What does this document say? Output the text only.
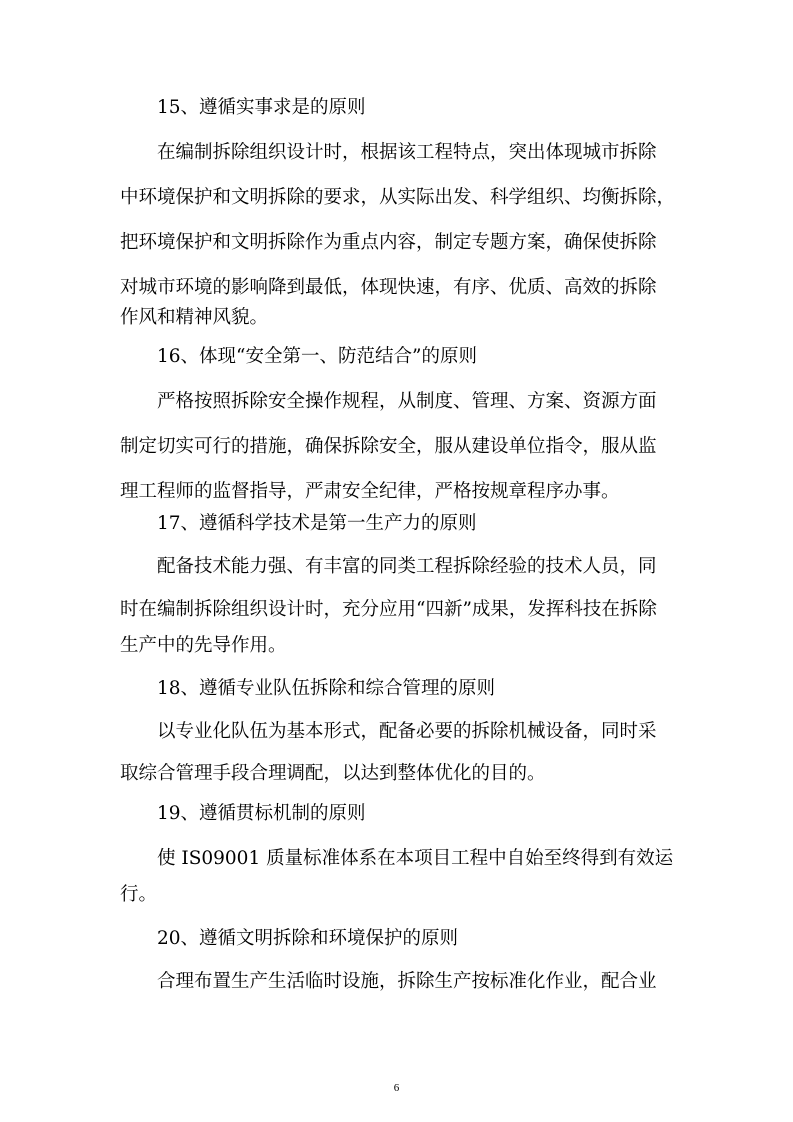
15、遵循实事求是的原则
在编制拆除组织设计时，根据该工程特点，突出体现城市拆除
中环境保护和文明拆除的要求，从实际出发、科学组织、均衡拆除，
把环境保护和文明拆除作为重点内容，制定专题方案，确保使拆除
对城市环境的影响降到最低，体现快速，有序、优质、高效的拆除
作风和精神风貌。
16、体现“安全第一、防范结合”的原则
严格按照拆除安全操作规程，从制度、管理、方案、资源方面
制定切实可行的措施，确保拆除安全，服从建设单位指令，服从监
理工程师的监督指导，严肃安全纪律，严格按规章程序办事。
17、遵循科学技术是第一生产力的原则
配备技术能力强、有丰富的同类工程拆除经验的技术人员，同
时在编制拆除组织设计时，充分应用“四新”成果，发挥科技在拆除
生产中的先导作用。
18、遵循专业队伍拆除和综合管理的原则
以专业化队伍为基本形式，配备必要的拆除机械设备，同时采
取综合管理手段合理调配，以达到整体优化的目的。
19、遵循贯标机制的原则
使 IS09001 质量标准体系在本项目工程中自始至终得到有效运
行。
20、遵循文明拆除和环境保护的原则
合理布置生产生活临时设施，拆除生产按标准化作业，配合业
6
